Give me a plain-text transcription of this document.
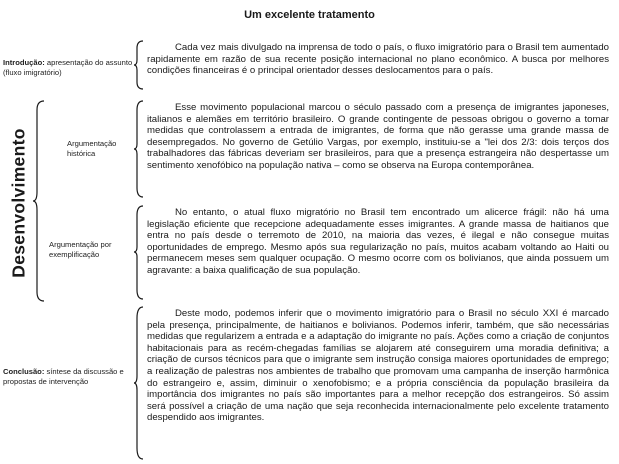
Um excelente tratamento
Introdução: apresentação do assunto (fluxo imigratório)
Cada vez mais divulgado na imprensa de todo o país, o fluxo imigratório para o Brasil tem aumentado rapidamente em razão de sua recente posição internacional no plano econômico. A busca por melhores condições financeiras é o principal orientador desses deslocamentos para o país.
Desenvolvimento	Argumentação histórica
Esse movimento populacional marcou o século passado com a presença de imigrantes japoneses, italianos e alemães em território brasileiro. O grande contingente de pessoas obrigou o governo a tomar medidas que controlassem a entrada de imigrantes, de forma que não gerasse uma grande massa de desempregados. No governo de Getúlio Vargas, por exemplo, instituiu-se a "lei dos 2/3: dois terços dos trabalhadores das fábricas deveriam ser brasileiros, para que a presença estrangeira não despertasse um sentimento xenofóbico na população nativa – como se observa na Europa contemporânea.
Argumentação por exemplificação
No entanto, o atual fluxo migratório no Brasil tem encontrado um alicerce frágil: não há uma legislação eficiente que recepcione adequadamente esses imigrantes. A grande massa de haitianos que entra no país desde o terremoto de 2010, na maioria das vezes, é ilegal e não consegue muitas oportunidades de emprego. Mesmo após sua regularização no país, muitos acabam voltando ao Haiti ou permanecem meses sem qualquer ocupação. O mesmo ocorre com os bolivianos, que ainda possuem um agravante: a baixa qualificação de sua população.
Conclusão: síntese da discussão e propostas de intervenção
Deste modo, podemos inferir que o movimento imigratório para o Brasil no século XXI é marcado pela presença, principalmente, de haitianos e bolivianos. Podemos inferir, também, que são necessárias medidas que regularizem a entrada e a adaptação do imigrante no país. Ações como a criação de conjuntos habitacionais para as recém-chegadas famílias se alojarem até conseguirem uma moradia definitiva; a criação de cursos técnicos para que o imigrante sem instrução consiga maiores oportunidades de emprego; a realização de palestras nos ambientes de trabalho que promovam uma campanha de inserção harmônica do estrangeiro e, assim, diminuir o xenofobismo; e a própria consciência da população brasileira da importância dos imigrantes no país são importantes para a melhor recepção dos estrangeiros. Só assim será possível a criação de uma nação que seja reconhecida internacionalmente pelo excelente tratamento despendido aos imigrantes.
